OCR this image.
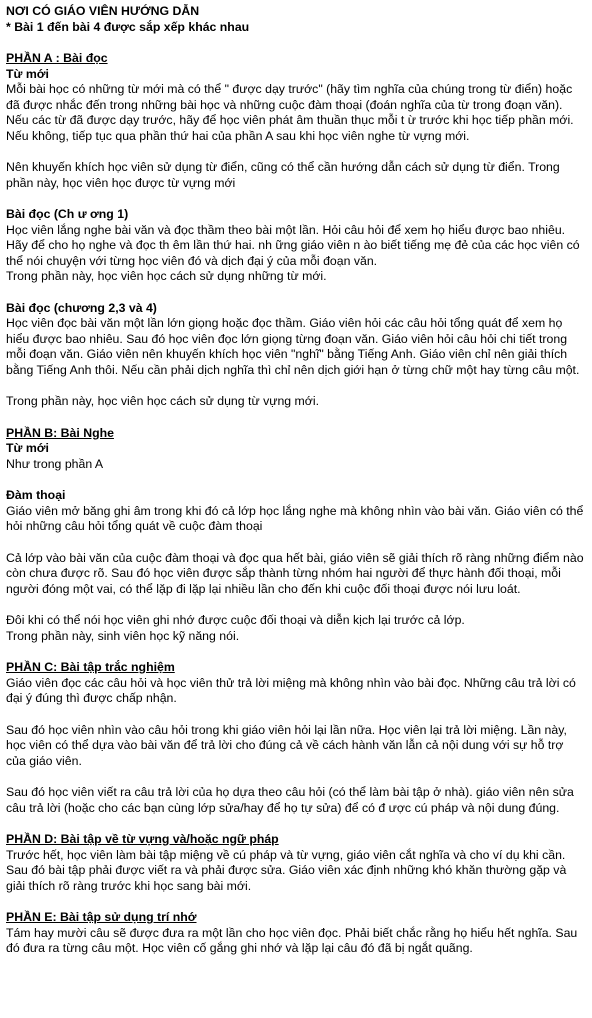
NƠI CÓ GIÁO VIÊN HƯỚNG DẪN

* Bài 1 đến bài 4 được sắp xếp khác nhau

PHẦN A : Bài đọc

Từ mới

Mỗi bài học có những từ mới mà có thể " được dạy trước" (hãy tìm nghĩa của chúng trong từ điển) hoặc đã được nhắc đến trong những bài học và những cuộc đàm thoại (đoán nghĩa của từ trong đoạn văn). Nếu các từ đã được dạy trước, hãy để học viên phát âm thuần thục mỗi t ừ trước khi học tiếp phần mới. Nếu không, tiếp tục qua phần thứ hai của phần A sau khi học viên nghe từ vựng mới.

Nên khuyến khích học viên sử dụng từ điển, cũng có thể cần hướng dẫn cách sử dụng từ điển. Trong phần này, học viên học được từ vựng mới

Bài đọc (Ch ư ơng 1)

Học viên lắng nghe bài văn và đọc thầm theo bài một lần. Hỏi câu hỏi để xem họ hiểu được bao nhiêu. Hãy để cho họ nghe và đọc th êm lần thứ hai. nh ững giáo viên n ào biết tiếng mẹ đẻ của các học viên có thể nói chuyện với từng học viên đó và dịch đại ý của mỗi đoạn văn.

Trong phần này, học viên học cách sử dụng những từ mới.

Bài đọc (chương 2,3 và 4)

Học viên đọc bài văn một lần lớn giọng hoặc đọc thầm. Giáo viên hỏi các câu hỏi tổng quát để xem họ hiểu được bao nhiêu. Sau đó học viên đọc lớn giọng từng đoạn văn. Giáo viên hỏi câu hỏi chi tiết trong mỗi đoạn văn. Giáo viên nên khuyến khích học viên "nghĩ" bằng Tiếng Anh. Giáo viên chỉ nên giải thích bằng Tiếng Anh thôi. Nếu cần phải dịch nghĩa thì chỉ nên dịch giới hạn ở từng chữ một hay từng câu một.

Trong phần này, học viên học cách sử dụng từ vựng mới.

PHẦN B: Bài Nghe

Từ mới

Như trong phần A

Đàm thoại

Giáo viên mở băng ghi âm trong khi đó cả lớp học lắng nghe mà không nhìn vào bài văn. Giáo viên có thể hỏi những câu hỏi tổng quát về cuộc đàm thoại

Cả lớp vào bài văn của cuộc đàm thoại và đọc qua hết bài, giáo viên sẽ giải thích rõ ràng những điểm nào còn chưa được rõ. Sau đó học viên được sắp thành từng nhóm hai người để thực hành đối thoại, mỗi người đóng một vai, có thể lặp đi lặp lại nhiều lần cho đến khi cuộc đối thoại được nói lưu loát.

Đôi khi có thể nói học viên ghi nhớ được cuộc đối thoại và diễn kịch lại trước cả lớp.

Trong phần này, sinh viên học kỹ năng nói.

PHẦN C: Bài tập trắc nghiệm

Giáo viên đọc các câu hỏi và học viên thử trả lời miệng mà không nhìn vào bài đọc. Những câu trả lời có đại ý đúng thì được chấp nhận.

Sau đó học viên nhìn vào câu hỏi trong khi giáo viên hỏi lại lần nữa. Học viên lại trả lời miệng. Lần này, học viên có thể dựa vào bài văn để trả lời cho đúng cả về cách hành văn lẫn cả nội dung với sự hỗ trợ của giáo viên.

Sau đó học viên viết ra câu trả lời của họ dựa theo câu hỏi (có thể làm bài tập ở nhà). giáo viên nên sửa câu trả lời (hoặc cho các bạn cùng lớp sửa/hay để họ tự sửa) để có đ ược cú pháp và nội dung đúng.

PHẦN D: Bài tập về từ vựng và/hoặc ngữ pháp

Trước hết, học viên làm bài tập miệng về cú pháp và từ vựng, giáo viên cắt nghĩa và cho ví dụ khi cần. Sau đó bài tập phải được viết ra và phải được sửa. Giáo viên xác định những khó khăn thường gặp và giải thích rõ ràng trước khi học sang bài mới.

PHẦN E: Bài tập sử dụng trí nhớ

Tám hay mười câu sẽ được đưa ra một lần cho học viên đọc. Phải biết chắc rằng họ hiểu hết nghĩa. Sau đó đưa ra từng câu một. Học viên cố gắng ghi nhớ và lặp lại câu đó đã bị ngắt quãng.
